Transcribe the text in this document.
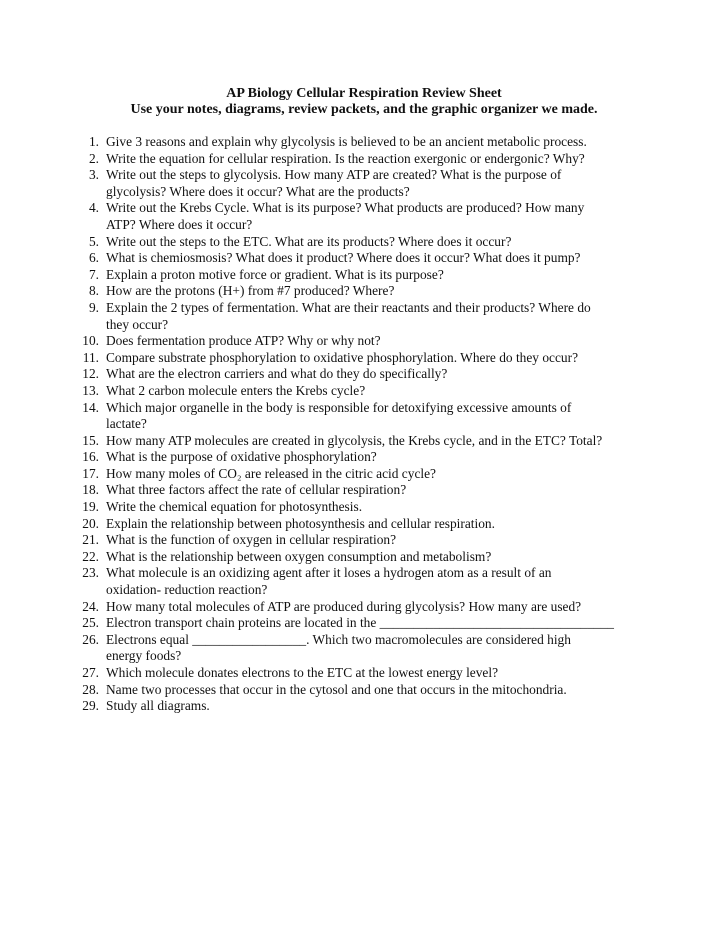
AP Biology Cellular Respiration Review Sheet
Use your notes, diagrams, review packets, and the graphic organizer we made.
1. Give 3 reasons and explain why glycolysis is believed to be an ancient metabolic process.
2. Write the equation for cellular respiration. Is the reaction exergonic or endergonic? Why?
3. Write out the steps to glycolysis. How many ATP are created? What is the purpose of
glycolysis? Where does it occur? What are the products?
4. Write out the Krebs Cycle. What is its purpose? What products are produced? How many
ATP? Where does it occur?
5. Write out the steps to the ETC. What are its products? Where does it occur?
6. What is chemiosmosis? What does it product? Where does it occur? What does it pump?
7. Explain a proton motive force or gradient. What is its purpose?
8. How are the protons (H+) from #7 produced? Where?
9. Explain the 2 types of fermentation. What are their reactants and their products? Where do
they occur?
10. Does fermentation produce ATP? Why or why not?
11. Compare substrate phosphorylation to oxidative phosphorylation. Where do they occur?
12. What are the electron carriers and what do they do specifically?
13. What 2 carbon molecule enters the Krebs cycle?
14. Which major organelle in the body is responsible for detoxifying excessive amounts of
lactate?
15. How many ATP molecules are created in glycolysis, the Krebs cycle, and in the ETC? Total?
16. What is the purpose of oxidative phosphorylation?
17. How many moles of CO₂ are released in the citric acid cycle?
18. What three factors affect the rate of cellular respiration?
19. Write the chemical equation for photosynthesis.
20. Explain the relationship between photosynthesis and cellular respiration.
21. What is the function of oxygen in cellular respiration?
22. What is the relationship between oxygen consumption and metabolism?
23. What molecule is an oxidizing agent after it loses a hydrogen atom as a result of an
oxidation- reduction reaction?
24. How many total molecules of ATP are produced during glycolysis? How many are used?
25. Electron transport chain proteins are located in the ___________________________________
26. Electrons equal _________________. Which two macromolecules are considered high
energy foods?
27. Which molecule donates electrons to the ETC at the lowest energy level?
28. Name two processes that occur in the cytosol and one that occurs in the mitochondria.
29. Study all diagrams.
